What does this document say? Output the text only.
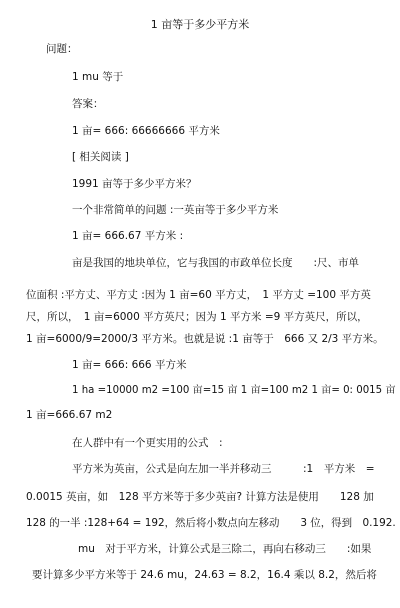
1 亩等于多少平方米
问题：
1 mu 等于
答案：
1 亩= 666: 66666666 平方米
[ 相关阅读 ]
1991 亩等于多少平方米？
一个非常简单的问题 :一英亩等于多少平方米
1 亩= 666.67 平方米 :
亩是我国的地块单位，它与我国的市政单位长度　　:尺、市单
位面积 :平方丈、平方丈 :因为 1 亩=60 平方丈，　1 平方丈 =100 平方英
尺，所以，　1 亩=6000 平方英尺；因为 1 平方米 =9 平方英尺，所以，
1 亩=6000/9=2000/3 平方米。也就是说 :1 亩等于　666 又 2/3 平方米。
1 亩= 666: 666 平方米
1 ha =10000 m2 =100 亩=15 亩 1 亩=100 m2 1 亩= 0: 0015 亩
1 亩=666.67 m2
在人群中有一个更实用的公式　:
平方米为英亩，公式是向左加一半并移动三　　　:1　平方米　=
0.0015 英亩，如　128 平方米等于多少英亩? 计算方法是使用　　128 加
128 的一半 :128+64 = 192，然后将小数点向左移动　　3 位，得到　0.192.
mu　对于平方米，计算公式是三除二，再向右移动三　　:如果
要计算多少平方米等于 24.6 mu，24.63 = 8.2，16.4 乘以 8.2，然后将
